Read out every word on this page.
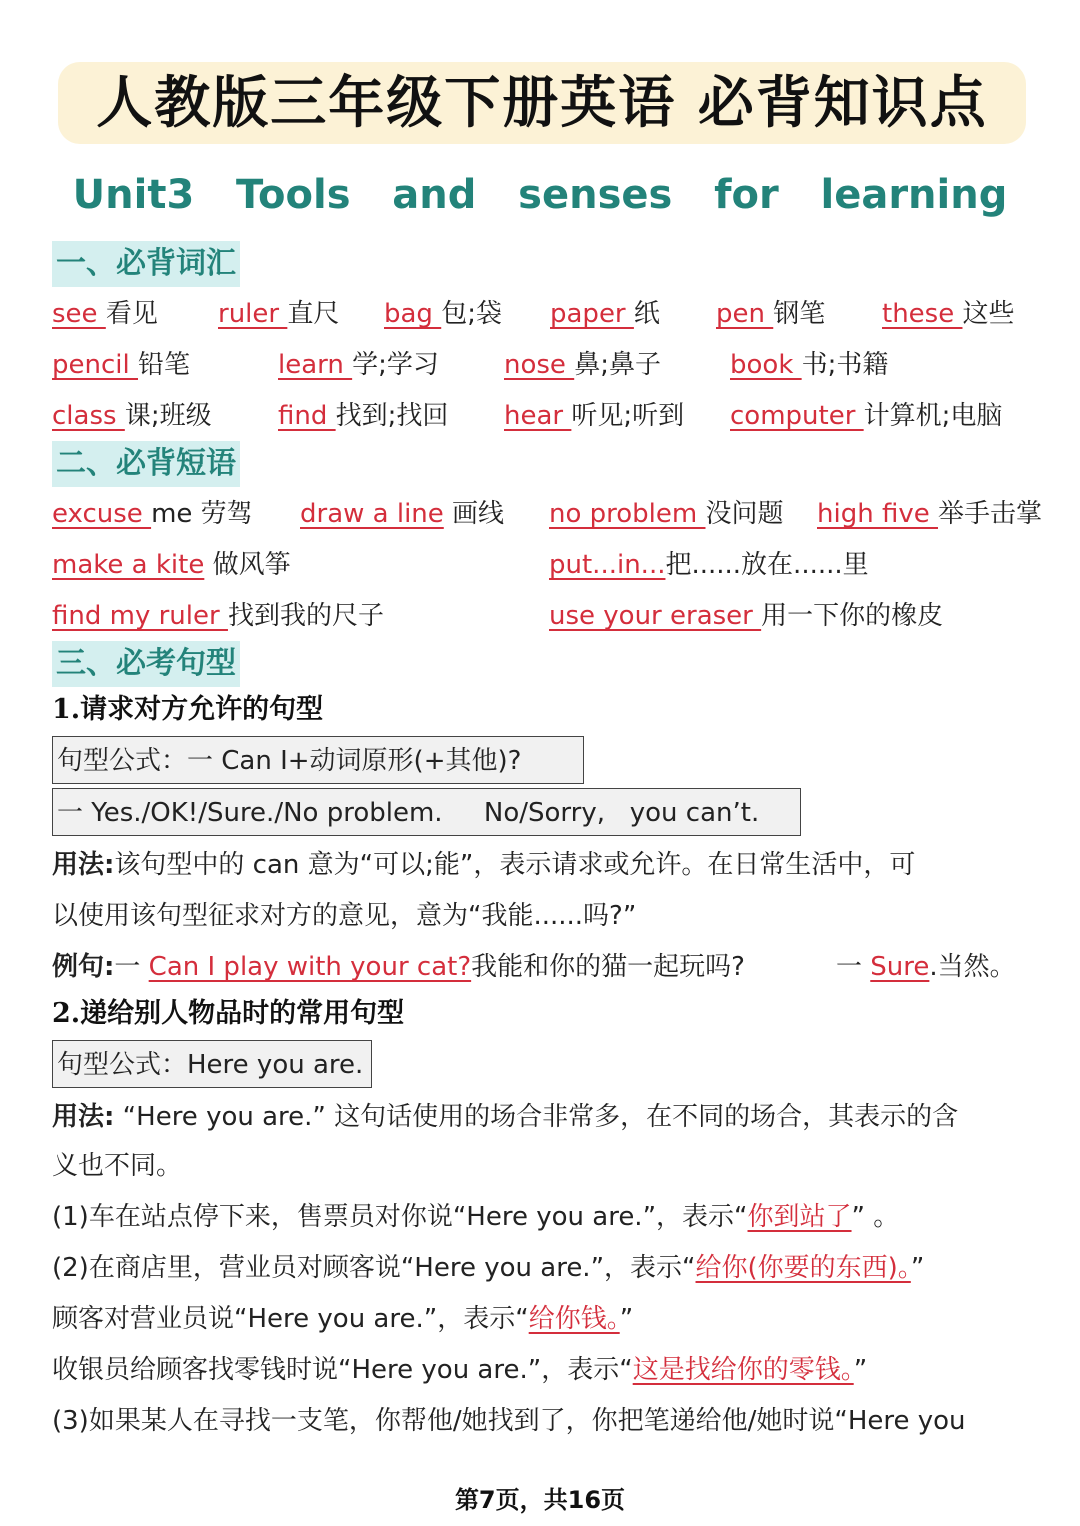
人教版三年级下册英语 必背知识点
Unit3   Tools   and   senses   for   learning
一、必背词汇
see 看见 ruler 直尺 bag 包;袋 paper 纸 pen 钢笔 these 这些
pencil 铅笔	learn 学;学习	nose 鼻;鼻子	book 书;书籍
class 课;班级	find 找到;找回 hear 听见;听到 computer 计算机;电脑
二、必背短语
excuse me 劳驾 draw a line 画线 no problem 没问题 high five 举手击掌
make a kite 做风筝	put...in...把......放在......里
find my ruler 找到我的尺子	use your eraser 用一下你的橡皮
三、必考句型
1.请求对方允许的句型
句型公式：一 Can I+动词原形(+其他)?
一 Yes./OK!/Sure./No problem.     No/Sorry,   you can’t.
用法:该句型中的 can 意为“可以;能”，表示请求或允许。在日常生活中，可
以使用该句型征求对方的意见，意为“我能......吗?”
例句:一 Can I play with your cat?我能和你的猫一起玩吗?	一 Sure.当然。
2.递给别人物品时的常用句型
句型公式：Here you are.
用法: “Here you are.” 这句话使用的场合非常多，在不同的场合，其表示的含
义也不同。
(1)车在站点停下来，售票员对你说“Here you are.”，表示“你到站了” 。
(2)在商店里，营业员对顾客说“Here you are.”，表示“给你(你要的东西)。”
顾客对营业员说“Here you are.”，表示“给你钱。”
收银员给顾客找零钱时说“Here you are.”，表示“这是找给你的零钱。”
(3)如果某人在寻找一支笔，你帮他/她找到了，你把笔递给他/她时说“Here you
第7页，共16页
